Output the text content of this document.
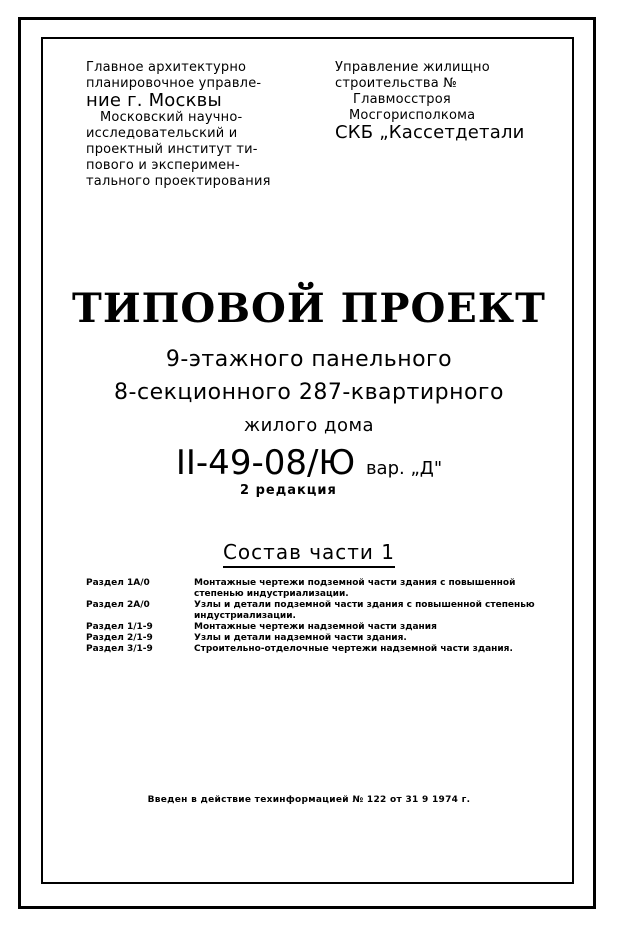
Главное архитектурно
планировочное управле-
ние г. Москвы
Московский научно-
исследовательский и
проектный институт ти-
пового и эксперимен-
тального проектирования
Управление жилищно
строительства №
Главмосстроя
Мосгорисполкома
СКБ „Кассетдетали
ТИПОВОЙ ПРОЕКТ
9-этажного панельного
8-секционного 287-квартирного
жилого дома
II-49-08/Ю вар. „Д"
2 редакция
Состав части 1
Раздел 1А/0	Монтажные чертежи подземной части здания с повышенной степенью индустриализации.
Раздел 2А/0	Узлы и детали подземной части здания с повышенной степенью индустриализации.
Раздел 1/1-9	Монтажные чертежи надземной части здания
Раздел 2/1-9	Узлы и детали надземной части здания.
Раздел 3/1-9	Строительно-отделочные чертежи надземной части здания.
Введен в действие техинформацией № 122 от 31 9 1974 г.
